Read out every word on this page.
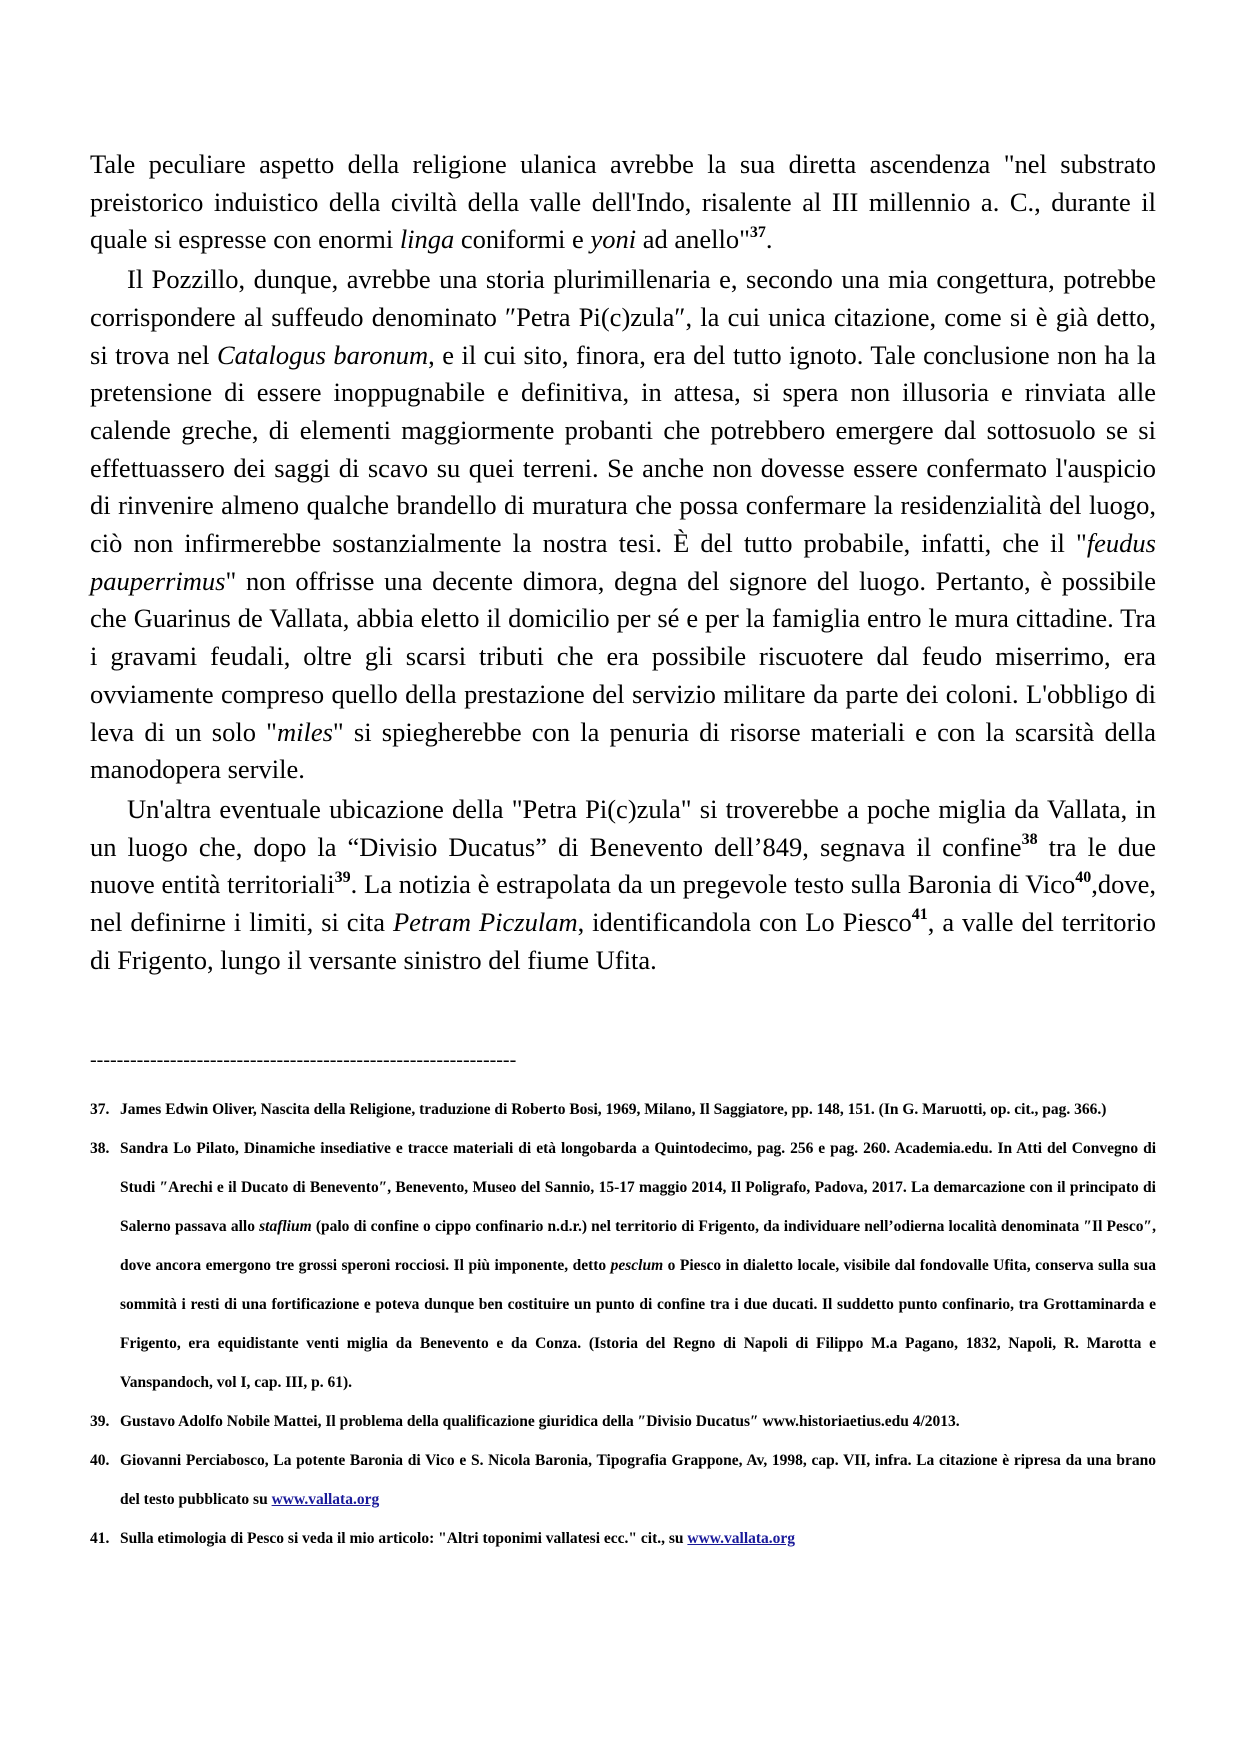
Tale peculiare aspetto della religione ulanica avrebbe la sua diretta ascendenza "nel substrato preistorico induistico della civiltà della valle dell'Indo, risalente al III millennio a. C., durante il quale si espresse con enormi linga coniformi e yoni ad anello"$^{37}$.

Il Pozzillo, dunque, avrebbe una storia plurimillenaria e, secondo una mia congettura, potrebbe corrispondere al suffeudo denominato ″Petra Pi(c)zula″, la cui unica citazione, come si è già detto, si trova nel Catalogus baronum, e il cui sito, finora, era del tutto ignoto. Tale conclusione non ha la pretensione di essere inoppugnabile e definitiva, in attesa, si spera non illusoria e rinviata alle calende greche, di elementi maggiormente probanti che potrebbero emergere dal sottosuolo se si effettuassero dei saggi di scavo su quei terreni. Se anche non dovesse essere confermato l'auspicio di rinvenire almeno qualche brandello di muratura che possa confermare la residenzialità del luogo, ciò non infirmerebbe sostanzialmente la nostra tesi. È del tutto probabile, infatti, che il "feudus pauperrimus" non offrisse una decente dimora, degna del signore del luogo. Pertanto, è possibile che Guarinus de Vallata, abbia eletto il domicilio per sé e per la famiglia entro le mura cittadine. Tra i gravami feudali, oltre gli scarsi tributi che era possibile riscuotere dal feudo miserrimo, era ovviamente compreso quello della prestazione del servizio militare da parte dei coloni. L'obbligo di leva di un solo "miles" si spiegherebbe con la penuria di risorse materiali e con la scarsità della manodopera servile.

Un'altra eventuale ubicazione della "Petra Pi(c)zula" si troverebbe a poche miglia da Vallata, in un luogo che, dopo la “Divisio Ducatus” di Benevento dell’849, segnava il confine$^{38}$ tra le due nuove entità territoriali$^{39}$. La notizia è estrapolata da un pregevole testo sulla Baronia di Vico$^{40}$,dove, nel definirne i limiti, si cita Petram Piczulam, identificandola con Lo Piesco$^{41}$, a valle del territorio di Frigento, lungo il versante sinistro del fiume Ufita.

----------------------------------------------------------------
37. James Edwin Oliver, Nascita della Religione, traduzione di Roberto Bosi, 1969, Milano, Il Saggiatore, pp. 148, 151. (In G. Maruotti, op. cit., pag. 366.)
38. Sandra Lo Pilato, Dinamiche insediative e tracce materiali di età longobarda a Quintodecimo, pag. 256 e pag. 260. Academia.edu. In Atti del Convegno di Studi ″Arechi e il Ducato di Benevento″, Benevento, Museo del Sannio, 15-17 maggio 2014, Il Poligrafo, Padova, 2017. La demarcazione con il principato di Salerno passava allo staflium (palo di confine o cippo confinario n.d.r.) nel territorio di Frigento, da individuare nell’odierna località denominata ″Il Pesco″, dove ancora emergono tre grossi speroni rocciosi. Il più imponente, detto pesclum o Piesco in dialetto locale, visibile dal fondovalle Ufita, conserva sulla sua sommità i resti di una fortificazione e poteva dunque ben costituire un punto di confine tra i due ducati. Il suddetto punto confinario, tra Grottaminarda e Frigento, era equidistante venti miglia da Benevento e da Conza. (Istoria del Regno di Napoli di Filippo M.a Pagano, 1832, Napoli, R. Marotta e Vanspandoch, vol I, cap. III, p. 61).
39. Gustavo Adolfo Nobile Mattei, Il problema della qualificazione giuridica della ″Divisio Ducatus″ www.historiaetius.edu 4/2013.
40. Giovanni Perciabosco, La potente Baronia di Vico e S. Nicola Baronia, Tipografia Grappone, Av, 1998, cap. VII, infra. La citazione è ripresa da una brano del testo pubblicato su www.vallata.org
41. Sulla etimologia di Pesco si veda il mio articolo: "Altri toponimi vallatesi ecc." cit., su www.vallata.org
